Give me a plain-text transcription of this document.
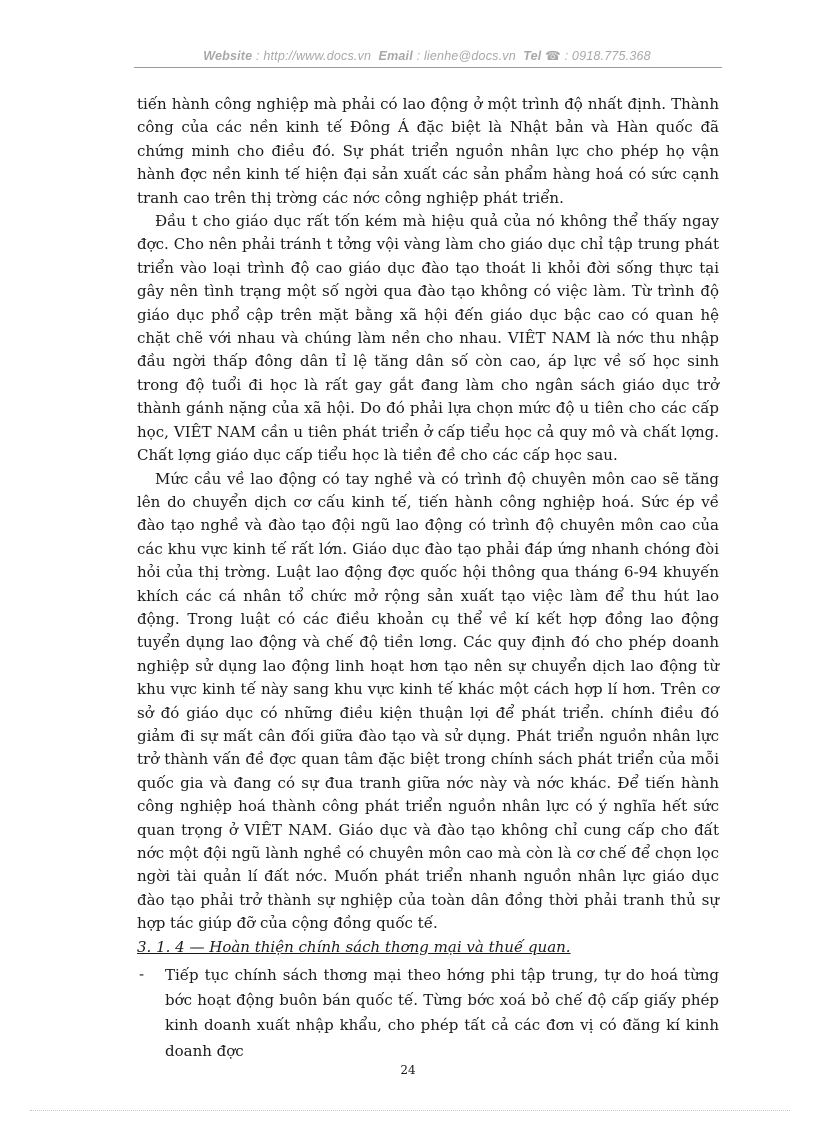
Website : http://www.docs.vn Email : lienhe@docs.vn Tel ☎ : 0918.775.368

tiến hành công nghiệp mà phải có lao động ở một trình độ nhất định. Thành công của các nền kinh tế Đông Á đặc biệt là Nhật bản và Hàn quốc đã chứng minh cho điều đó. Sự phát triển nguồn nhân lực cho phép họ vận hành đợc nền kinh tế hiện đại sản xuất các sản phẩm hàng hoá có sức cạnh tranh cao trên thị trờng các nớc công nghiệp phát triển.

Đầu t cho giáo dục rất tốn kém mà hiệu quả của nó không thể thấy ngay đợc. Cho nên phải tránh t tởng vội vàng làm cho giáo dục chỉ tập trung phát triển vào loại trình độ cao giáo dục đào tạo thoát li khỏi đời sống thực tại gây nên tình trạng một số ngời qua đào tạo không có việc làm. Từ trình độ giáo dục phổ cập trên mặt bằng xã hội đến giáo dục bậc cao có quan hệ chặt chẽ với nhau và chúng làm nền cho nhau. VIÊT NAM là nớc thu nhập đầu ngời thấp đông dân tỉ lệ tăng dân số còn cao, áp lực về số học sinh trong độ tuổi đi học là rất gay gắt đang làm cho ngân sách giáo dục trở thành gánh nặng của xã hội. Do đó phải lựa chọn mức độ u tiên cho các cấp học, VIÊT NAM cần u tiên phát triển ở cấp tiểu học cả quy mô và chất lợng. Chất lợng giáo dục cấp tiểu học là tiền đề cho các cấp học sau.

Mức cầu về lao động có tay nghề và có trình độ chuyên môn cao sẽ tăng lên do chuyển dịch cơ cấu kinh tế, tiến hành công nghiệp hoá. Sức ép về đào tạo nghề và đào tạo đội ngũ lao động có trình độ chuyên môn cao của các khu vực kinh tế rất lớn. Giáo dục đào tạo phải đáp ứng nhanh chóng đòi hỏi của thị trờng. Luật lao động đợc quốc hội thông qua tháng 6-94 khuyến khích các cá nhân tổ chức mở rộng sản xuất tạo việc làm để thu hút lao động. Trong luật có các điều khoản cụ thể về kí kết hợp đồng lao động tuyển dụng lao động và chế độ tiền lơng. Các quy định đó cho phép doanh nghiệp sử dụng lao động linh hoạt hơn tạo nên sự chuyển dịch lao động từ khu vực kinh tế này sang khu vực kinh tế khác một cách hợp lí hơn. Trên cơ sở đó giáo dục có những điều kiện thuận lợi để phát triển. chính điều đó giảm đi sự mất cân đối giữa đào tạo và sử dụng. Phát triển nguồn nhân lực trở thành vấn đề đợc quan tâm đặc biệt trong chính sách phát triển của mỗi quốc gia và đang có sự đua tranh giữa nớc này và nớc khác. Để tiến hành công nghiệp hoá thành công phát triển nguồn nhân lực có ý nghĩa hết sức quan trọng ở VIÊT NAM. Giáo dục và đào tạo không chỉ cung cấp cho đất nớc một đội ngũ lành nghề có chuyên môn cao mà còn là cơ chế để chọn lọc ngời tài quản lí đất nớc. Muốn phát triển nhanh nguồn nhân lực giáo dục đào tạo phải trở thành sự nghiệp của toàn dân đồng thời phải tranh thủ sự hợp tác giúp đỡ của cộng đồng quốc tế.

3. 1. 4 — Hoàn thiện chính sách thơng mại và thuế quan.

- Tiếp tục chính sách thơng mại theo hớng phi tập trung, tự do hoá từng bớc hoạt động buôn bán quốc tế. Từng bớc xoá bỏ chế độ cấp giấy phép kinh doanh xuất nhập khẩu, cho phép tất cả các đơn vị có đăng kí kinh doanh đợc

24
